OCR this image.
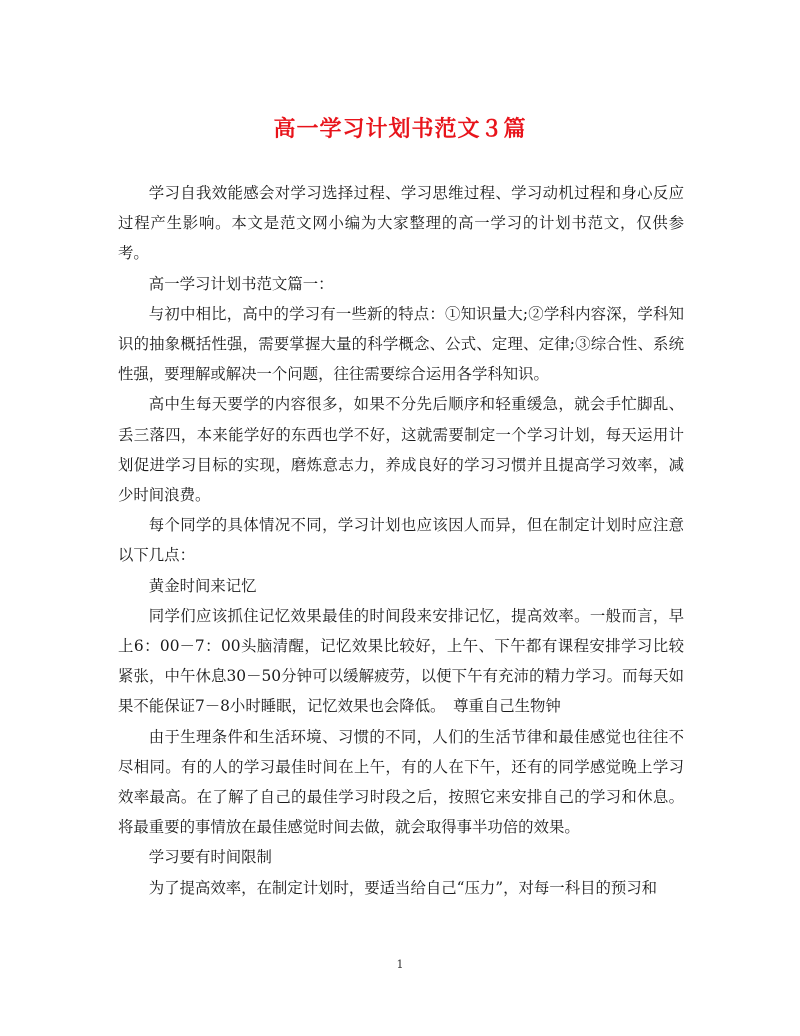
高一学习计划书范文３篇

学习自我效能感会对学习选择过程、学习思维过程、学习动机过程和身心反应过程产生影响。本文是范文网小编为大家整理的高一学习的计划书范文，仅供参考。

高一学习计划书范文篇一：

与初中相比，高中的学习有一些新的特点：①知识量大;②学科内容深，学科知识的抽象概括性强，需要掌握大量的科学概念、公式、定理、定律;③综合性、系统性强，要理解或解决一个问题，往往需要综合运用各学科知识。

高中生每天要学的内容很多，如果不分先后顺序和轻重缓急，就会手忙脚乱、丢三落四，本来能学好的东西也学不好，这就需要制定一个学习计划，每天运用计划促进学习目标的实现，磨炼意志力，养成良好的学习习惯并且提高学习效率，减少时间浪费。

每个同学的具体情况不同，学习计划也应该因人而异，但在制定计划时应注意以下几点：

黄金时间来记忆

同学们应该抓住记忆效果最佳的时间段来安排记忆，提高效率。一般而言，早上6：00－7：00头脑清醒，记忆效果比较好，上午、下午都有课程安排学习比较紧张，中午休息30－50分钟可以缓解疲劳，以便下午有充沛的精力学习。而每天如果不能保证7－8小时睡眠，记忆效果也会降低。　尊重自己生物钟

由于生理条件和生活环境、习惯的不同，人们的生活节律和最佳感觉也往往不尽相同。有的人的学习最佳时间在上午，有的人在下午，还有的同学感觉晚上学习效率最高。在了解了自己的最佳学习时段之后，按照它来安排自己的学习和休息。将最重要的事情放在最佳感觉时间去做，就会取得事半功倍的效果。

学习要有时间限制

为了提高效率，在制定计划时，要适当给自己“压力”，对每一科目的预习和

1
